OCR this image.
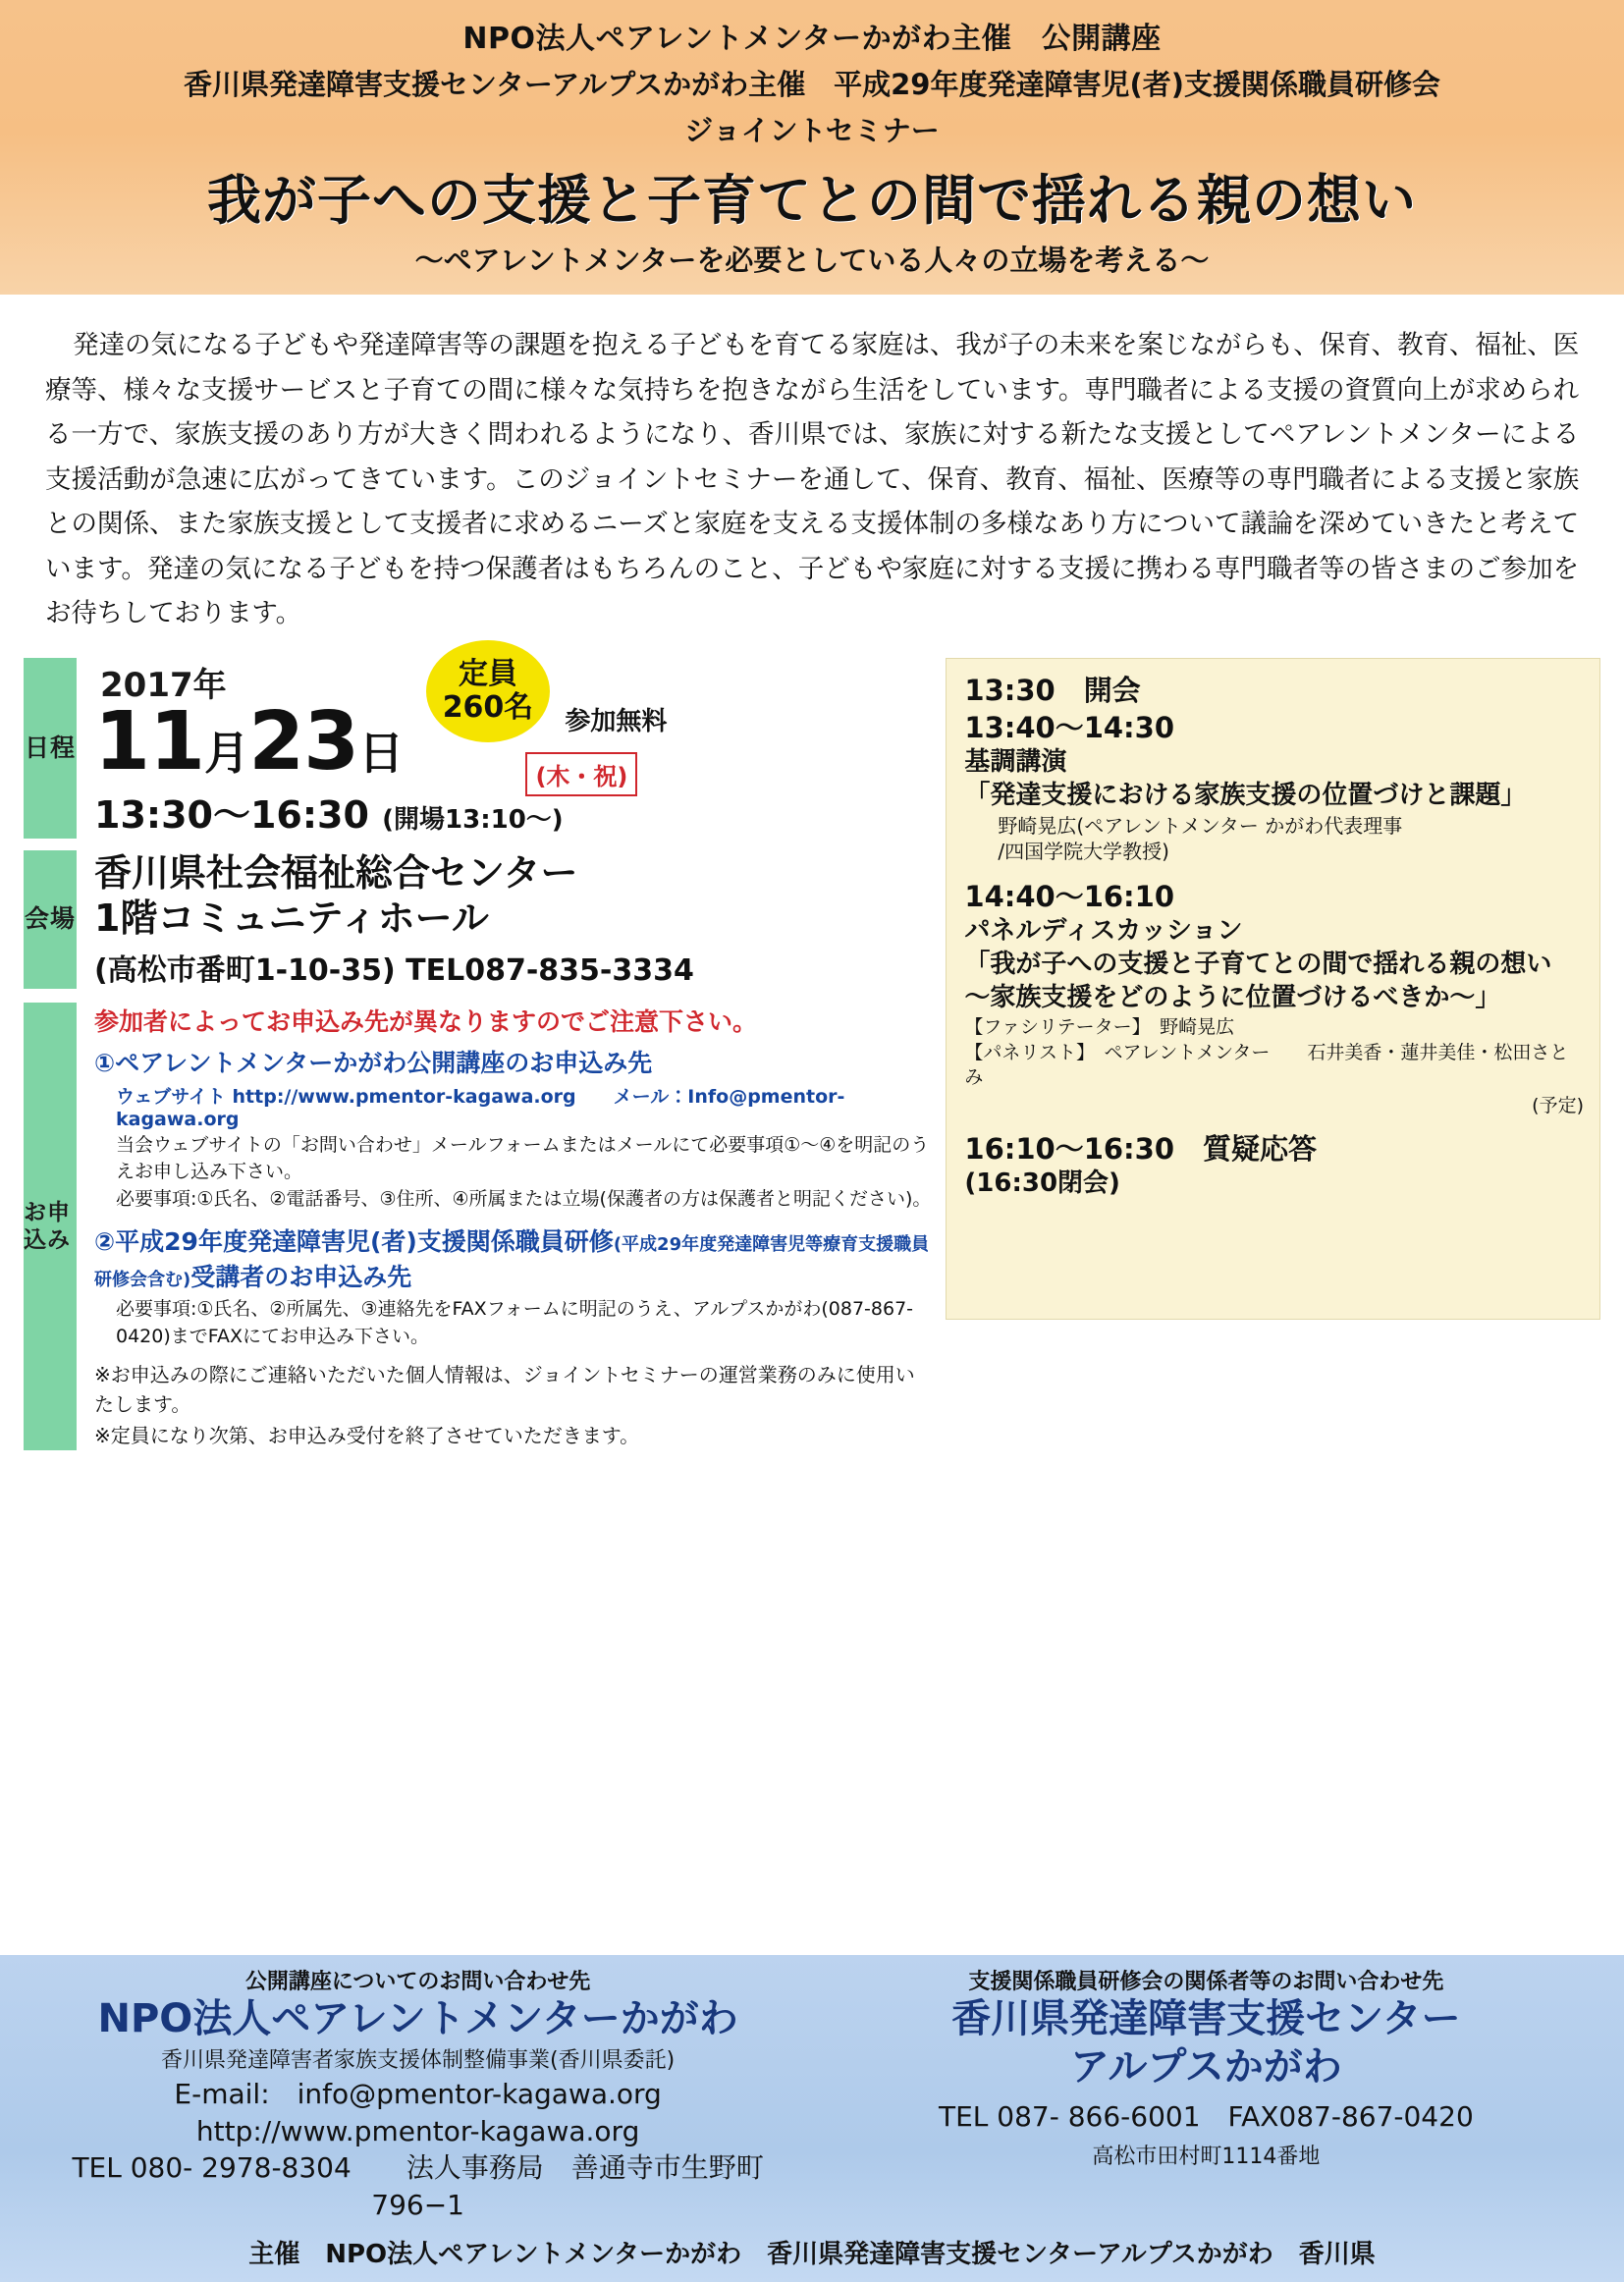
NPO法人ペアレントメンターかがわ主催　公開講座
香川県発達障害支援センターアルプスかがわ主催　平成29年度発達障害児(者)支援関係職員研修会
ジョイントセミナー
我が子への支援と子育てとの間で揺れる親の想い
〜ペアレントメンターを必要としている人々の立場を考える〜
発達の気になる子どもや発達障害等の課題を抱える子どもを育てる家庭は、我が子の未来を案じながらも、保育、教育、福祉、医療等、様々な支援サービスと子育ての間に様々な気持ちを抱きながら生活をしています。専門職者による支援の資質向上が求められる一方で、家族支援のあり方が大きく問われるようになり、香川県では、家族に対する新たな支援としてペアレントメンターによる支援活動が急速に広がってきています。このジョイントセミナーを通して、保育、教育、福祉、医療等の専門職者による支援と家族との関係、また家族支援として支援者に求めるニーズと家庭を支える支援体制の多様なあり方について議論を深めていきたと考えています。発達の気になる子どもを持つ保護者はもちろんのこと、子どもや家庭に対する支援に携わる専門職者等の皆さまのご参加をお待ちしております。
日程
定員
260名 参加無料
(木・祝)
2017年
11月23日
13:30〜16:30 (開場13:10〜)
会場
香川県社会福祉総合センター
1階コミュニティホール
(高松市番町1-10-35) TEL087-835-3334
お申込み
参加者によってお申込み先が異なりますのでご注意下さい。
①ペアレントメンターかがわ公開講座のお申込み先
ウェブサイト http://www.pmentor-kagawa.org　　メール：Info@pmentor-kagawa.org
当会ウェブサイトの「お問い合わせ」メールフォームまたはメールにて必要事項①〜④を明記のうえお申し込み下さい。
必要事項:①氏名、②電話番号、③住所、④所属または立場(保護者の方は保護者と明記ください)。
②平成29年度発達障害児(者)支援関係職員研修(平成29年度発達障害児等療育支援職員研修会含む)受講者のお申込み先
必要事項:①氏名、②所属先、③連絡先をFAXフォームに明記のうえ、アルプスかがわ(087-867-0420)までFAXにてお申込み下さい。
※お申込みの際にご連絡いただいた個人情報は、ジョイントセミナーの運営業務のみに使用いたします。
※定員になり次第、お申込み受付を終了させていただきます。
13:30　開会
13:40〜14:30
基調講演
「発達支援における家族支援の位置づけと課題」
野崎晃広(ペアレントメンター かがわ代表理事
/四国学院大学教授)
14:40〜16:10
パネルディスカッション
「我が子への支援と子育てとの間で揺れる親の想い
〜家族支援をどのように位置づけるべきか〜」
【ファシリテーター】　野崎晃広
【パネリスト】　ペアレントメンター　　石井美香・蓮井美佳・松田さとみ
(予定)
16:10〜16:30　質疑応答
(16:30閉会)
公開講座についてのお問い合わせ先
NPO法人ペアレントメンターかがわ
香川県発達障害者家族支援体制整備事業(香川県委託)
E-mail:　info@pmentor-kagawa.org
http://www.pmentor-kagawa.org
TEL 080- 2978-8304　　法人事務局　善通寺市生野町796−1
支援関係職員研修会の関係者等のお問い合わせ先
香川県発達障害支援センター
アルプスかがわ
TEL 087- 866-6001　FAX087-867-0420
高松市田村町1114番地
主催　NPO法人ペアレントメンターかがわ　香川県発達障害支援センターアルプスかがわ　香川県
